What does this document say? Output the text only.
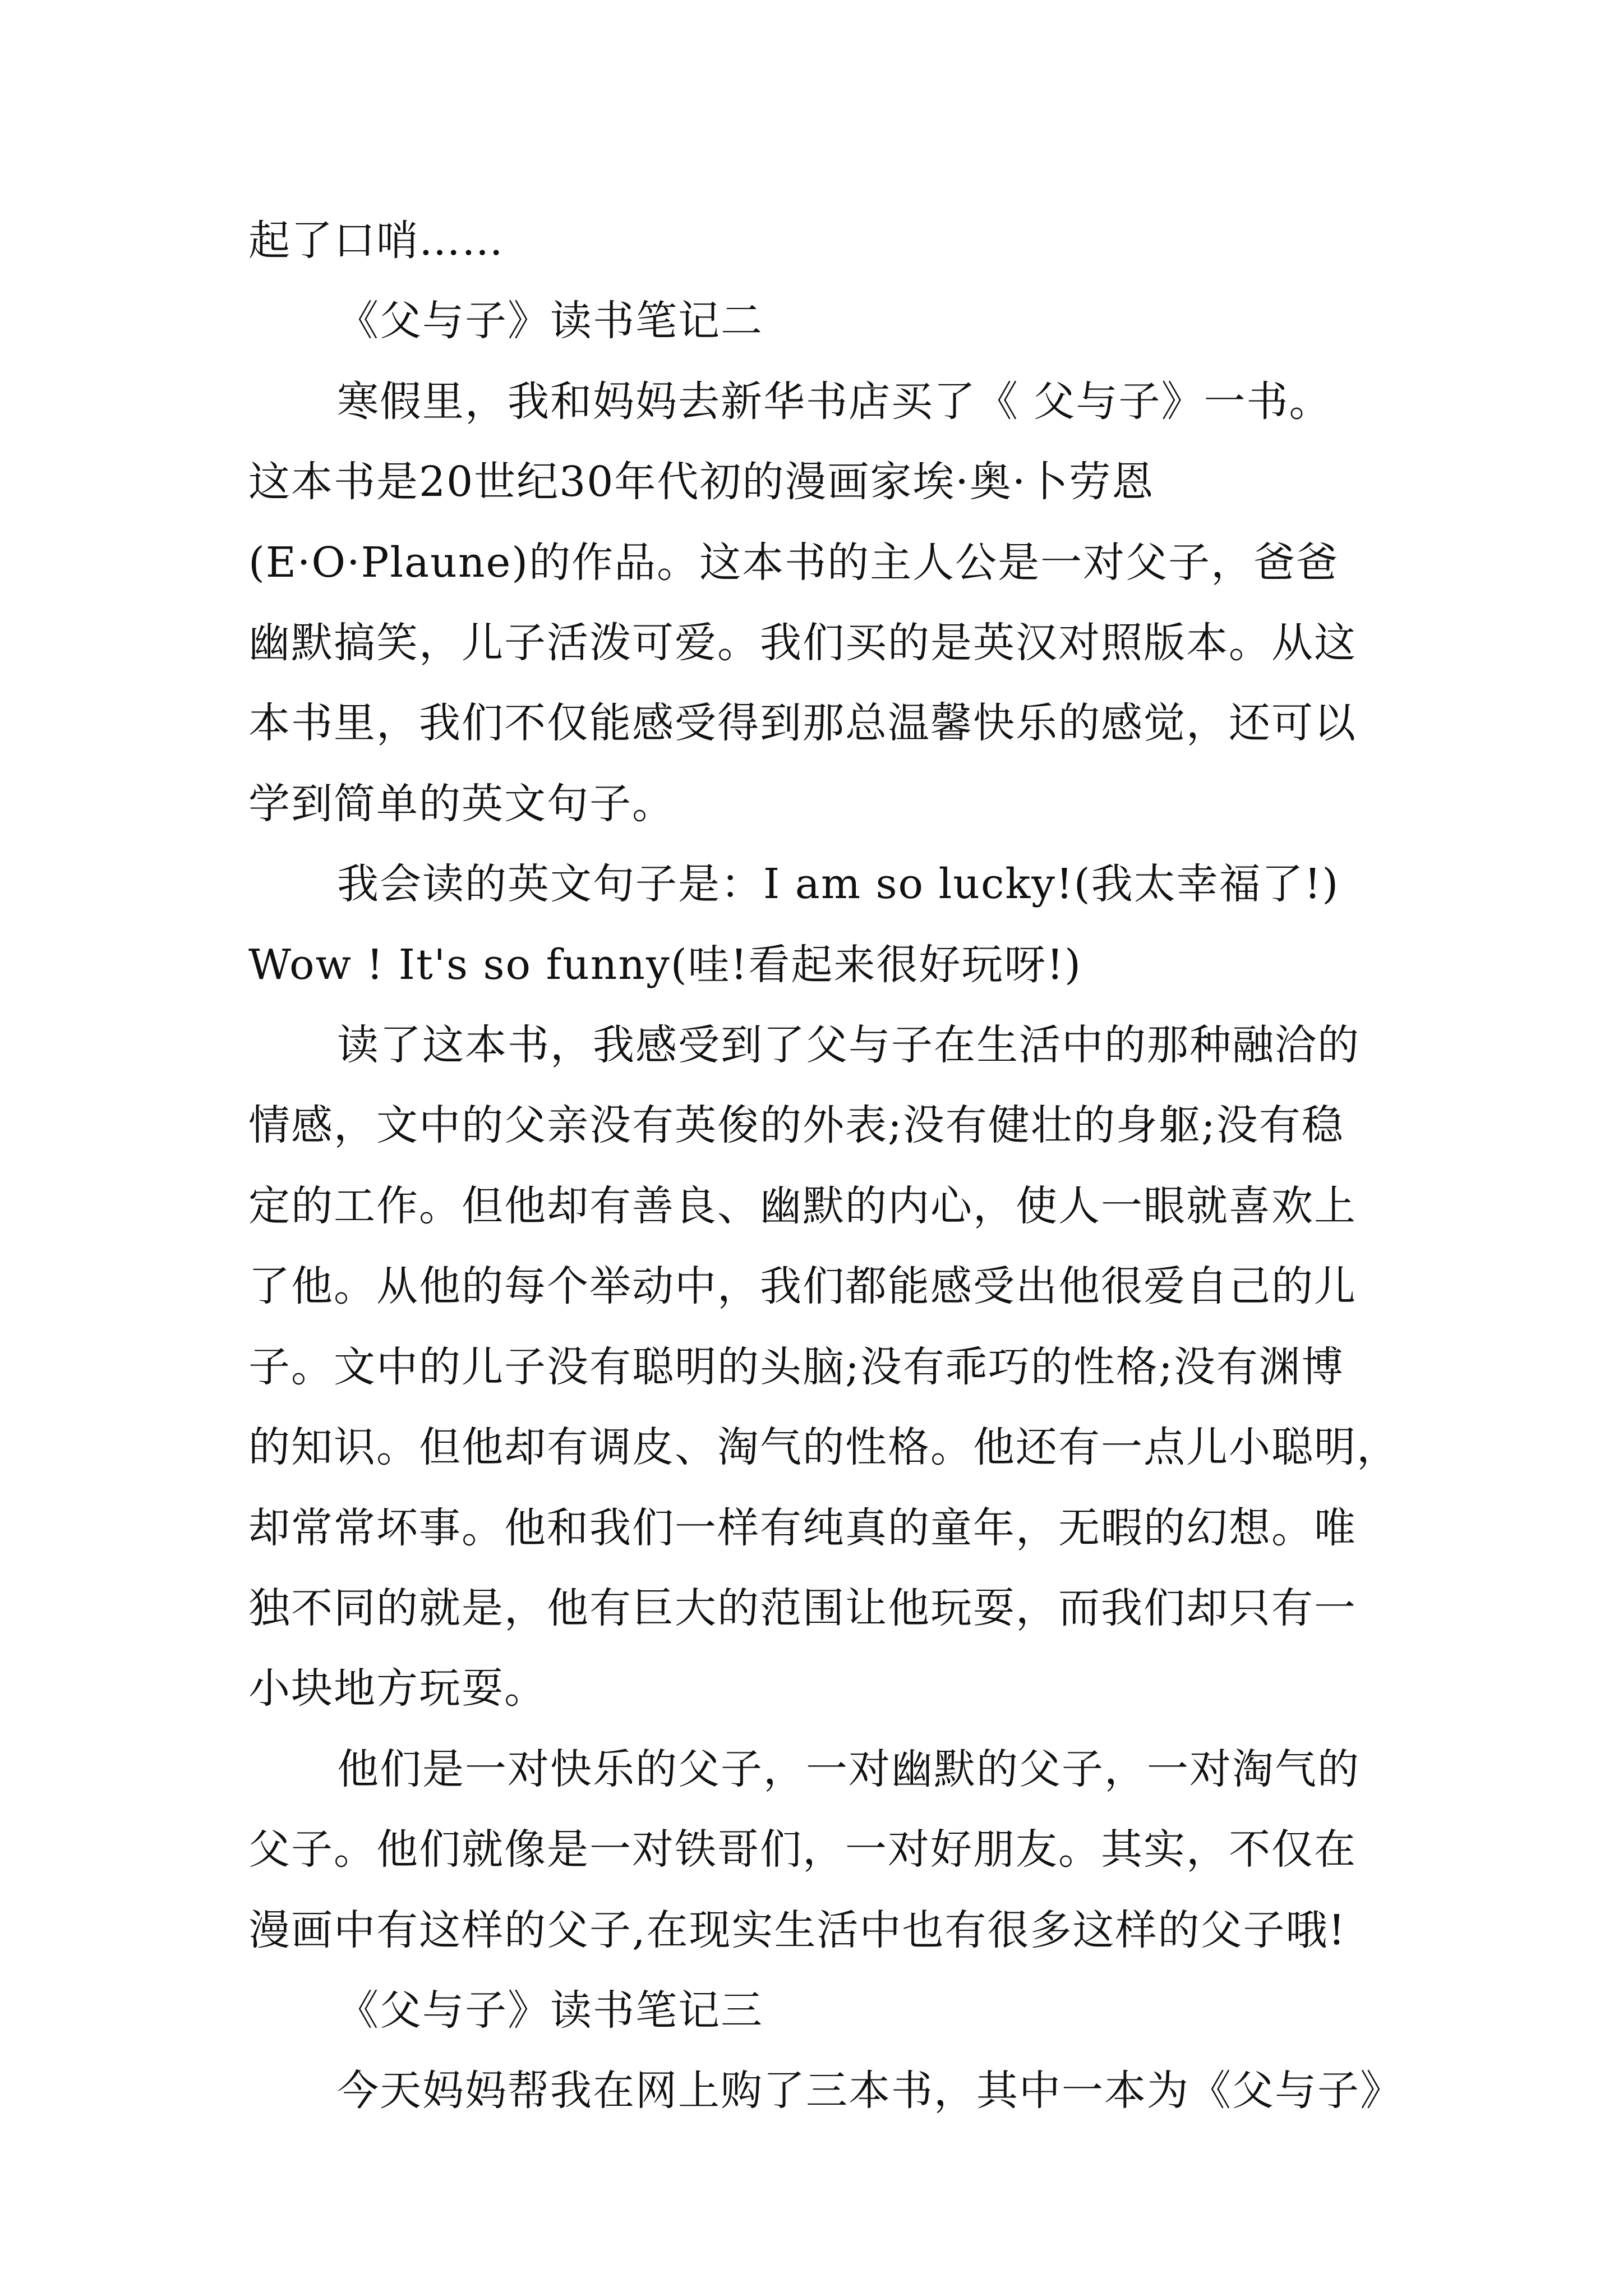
起了口哨……

《父与子》读书笔记二

寒假里，我和妈妈去新华书店买了《 父与子》一书。
这本书是20世纪30年代初的漫画家埃·奥·卜劳恩
(E·O·Plaune)的作品。这本书的主人公是一对父子，爸爸
幽默搞笑，儿子活泼可爱。我们买的是英汉对照版本。从这
本书里，我们不仅能感受得到那总温馨快乐的感觉，还可以
学到简单的英文句子。

我会读的英文句子是：I am so lucky!(我太幸福了!)
Wow ! It's so funny(哇!看起来很好玩呀!)

读了这本书，我感受到了父与子在生活中的那种融洽的
情感，文中的父亲没有英俊的外表;没有健壮的身躯;没有稳
定的工作。但他却有善良、幽默的内心，使人一眼就喜欢上
了他。从他的每个举动中，我们都能感受出他很爱自己的儿
子。文中的儿子没有聪明的头脑;没有乖巧的性格;没有渊博
的知识。但他却有调皮、淘气的性格。他还有一点儿小聪明，
却常常坏事。他和我们一样有纯真的童年，无暇的幻想。唯
独不同的就是，他有巨大的范围让他玩耍，而我们却只有一
小块地方玩耍。

他们是一对快乐的父子，一对幽默的父子，一对淘气的
父子。他们就像是一对铁哥们，一对好朋友。其实，不仅在
漫画中有这样的父子,在现实生活中也有很多这样的父子哦!

《父与子》读书笔记三

今天妈妈帮我在网上购了三本书，其中一本为《父与子》
